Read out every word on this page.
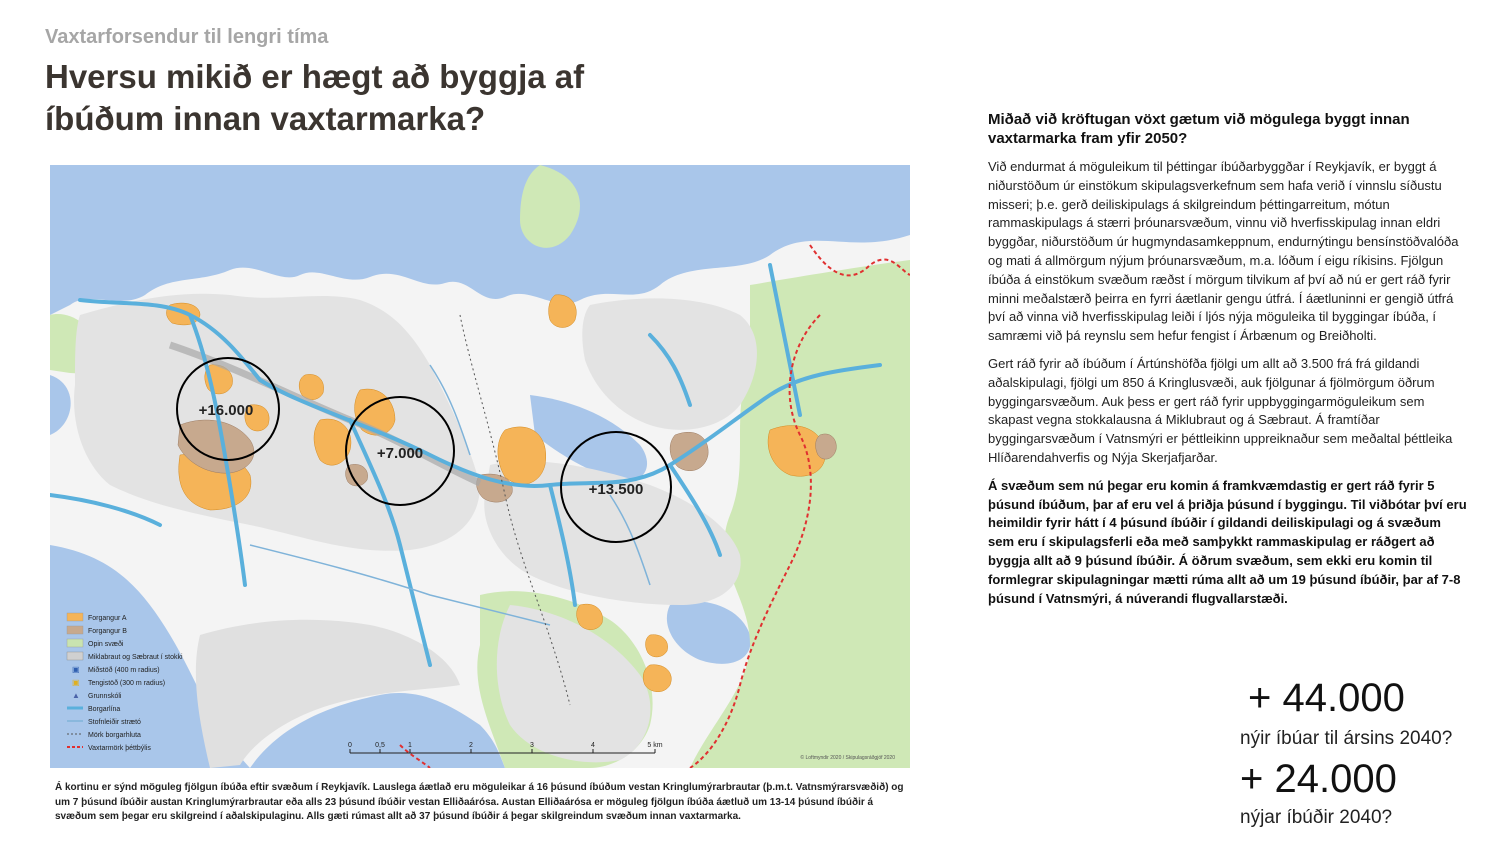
Vaxtarforsendur til lengri tíma
Hversu mikið er hægt að byggja af íbúðum innan vaxtarmarka?
+16.000
+7.000
+13.500
Forgangur A
Forgangur B
Opin svæði
Miklabraut og Sæbraut í stokki
▣ Miðstöð (400 m radius)
▣ Tengistöð (300 m radius)
▲ Grunnskóli
Borgarlína
Stofnleiðir strætó
Mörk borgarhluta
Vaxtarmörk þéttbýlis	0	0,5	1	2	3	4	5 km
© Loftmyndir 2020 / Skipulagsráðgjöf 2020
Á kortinu er sýnd möguleg fjölgun íbúða eftir svæðum í Reykjavík. Lauslega áætlað eru möguleikar á 16 þúsund íbúðum vestan Kringlumýrarbrautar (þ.m.t. Vatnsmýrarsvæðið) og um 7 þúsund íbúðir austan Kringlumýrarbrautar eða alls 23 þúsund íbúðir vestan Elliðaárósa. Austan Elliðaárósa er möguleg fjölgun íbúða áætluð um 13-14 þúsund íbúðir á svæðum sem þegar eru skilgreind í aðalskipulaginu. Alls gæti rúmast allt að 37 þúsund íbúðir á þegar skilgreindum svæðum innan vaxtarmarka.

Miðað við kröftugan vöxt gætum við mögulega byggt innan vaxtarmarka fram yfir 2050?

Við endurmat á möguleikum til þéttingar íbúðarbyggðar í Reykjavík, er byggt á niðurstöðum úr einstökum skipulagsverkefnum sem hafa verið í vinnslu síðustu misseri; þ.e. gerð deiliskipulags á skilgreindum þéttingarreitum, mótun rammaskipulags á stærri þróunarsvæðum, vinnu við hverfisskipulag innan eldri byggðar, niðurstöðum úr hugmyndasamkeppnum, endurnýtingu bensínstöðvalóða og mati á allmörgum nýjum þróunarsvæðum, m.a. lóðum í eigu ríkisins. Fjölgun íbúða á einstökum svæðum ræðst í mörgum tilvikum af því að nú er gert ráð fyrir minni meðalstærð þeirra en fyrri áætlanir gengu útfrá. Í áætluninni er gengið útfrá því að vinna við hverfisskipulag leiði í ljós nýja möguleika til byggingar íbúða, í samræmi við þá reynslu sem hefur fengist í Árbænum og Breiðholti.

Gert ráð fyrir að íbúðum í Ártúnshöfða fjölgi um allt að 3.500 frá frá gildandi aðalskipulagi, fjölgi um 850 á Kringlusvæði, auk fjölgunar á fjölmörgum öðrum byggingarsvæðum. Auk þess er gert ráð fyrir uppbyggingarmöguleikum sem skapast vegna stokkalausna á Miklubraut og á Sæbraut. Á framtíðar byggingarsvæðum í Vatnsmýri er þéttleikinn uppreiknaður sem meðaltal þéttleika Hlíðarendahverfis og Nýja Skerjafjarðar.

Á svæðum sem nú þegar eru komin á framkvæmdastig er gert ráð fyrir 5 þúsund íbúðum, þar af eru vel á þriðja þúsund í byggingu. Til viðbótar því eru heimildir fyrir hátt í 4 þúsund íbúðir í gildandi deiliskipulagi og á svæðum sem eru í skipulagsferli eða með samþykkt rammaskipulag er ráðgert að byggja allt að 9 þúsund íbúðir. Á öðrum svæðum, sem ekki eru komin til formlegrar skipulagningar mætti rúma allt að um 19 þúsund íbúðir, þar af 7-8 þúsund í Vatnsmýri, á núverandi flugvallarstæði.

+ 44.000
nýir íbúar til ársins 2040?
+ 24.000
nýjar íbúðir 2040?
